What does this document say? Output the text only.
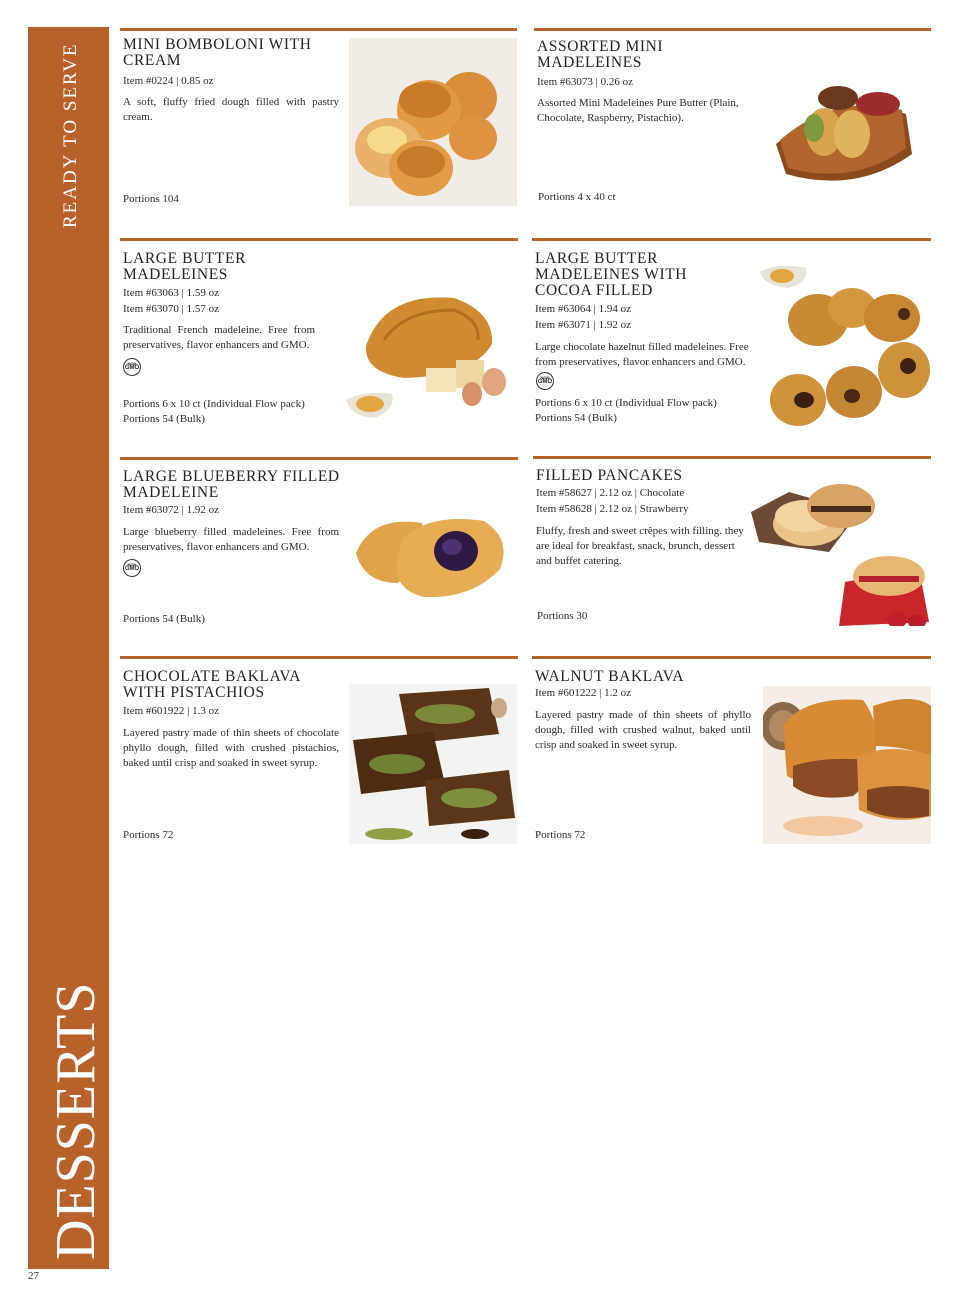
READY TO SERVE
DESSERTS
27
MINI BOMBOLONI WITH
CREAM
Item #0224 | 0.85 oz
A soft, fluffy fried dough filled with pastry cream.
Portions 104
ASSORTED MINI
MADELEINES
Item #63073 | 0.26 oz
Assorted Mini Madeleines Pure Butter (Plain, Chocolate, Raspberry, Pistachio).
Portions 4 x 40 ct
LARGE BUTTER
MADELEINES
Item #63063 | 1.59 oz
Item #63070 | 1.57 oz
Traditional French madeleine. Free from preservatives, flavor enhancers and GMO.
NON
GMO
Portions 6 x 10 ct (Individual Flow pack)
Portions 54 (Bulk)
LARGE BUTTER
MADELEINES WITH
COCOA FILLED
Item #63064 | 1.94 oz
Item #63071 | 1.92 oz
Large chocolate hazelnut filled madeleines. Free from preservatives, flavor enhancers and GMO.
NON
GMO
Portions 6 x 10 ct (Individual Flow pack)
Portions 54 (Bulk)
LARGE BLUEBERRY FILLED
MADELEINE
Item #63072 | 1.92 oz
Large blueberry filled madeleines. Free from preservatives, flavor enhancers and GMO.
NON
GMO
Portions 54 (Bulk)
FILLED PANCAKES
Item #58627 | 2.12 oz | Chocolate
Item #58628 | 2.12 oz | Strawberry
Fluffy, fresh and sweet crêpes with filling. they are ideal for breakfast, snack, brunch, dessert and buffet catering.
Portions 30
CHOCOLATE BAKLAVA
WITH PISTACHIOS
Item #601922 | 1.3 oz
Layered pastry made of thin sheets of chocolate phyllo dough, filled with crushed pistachios, baked until crisp and soaked in sweet syrup.
Portions 72
WALNUT BAKLAVA
Item #601222 | 1.2 oz
Layered pastry made of thin sheets of phyllo dough, filled with crushed walnut, baked until crisp and soaked in sweet syrup.
Portions 72
